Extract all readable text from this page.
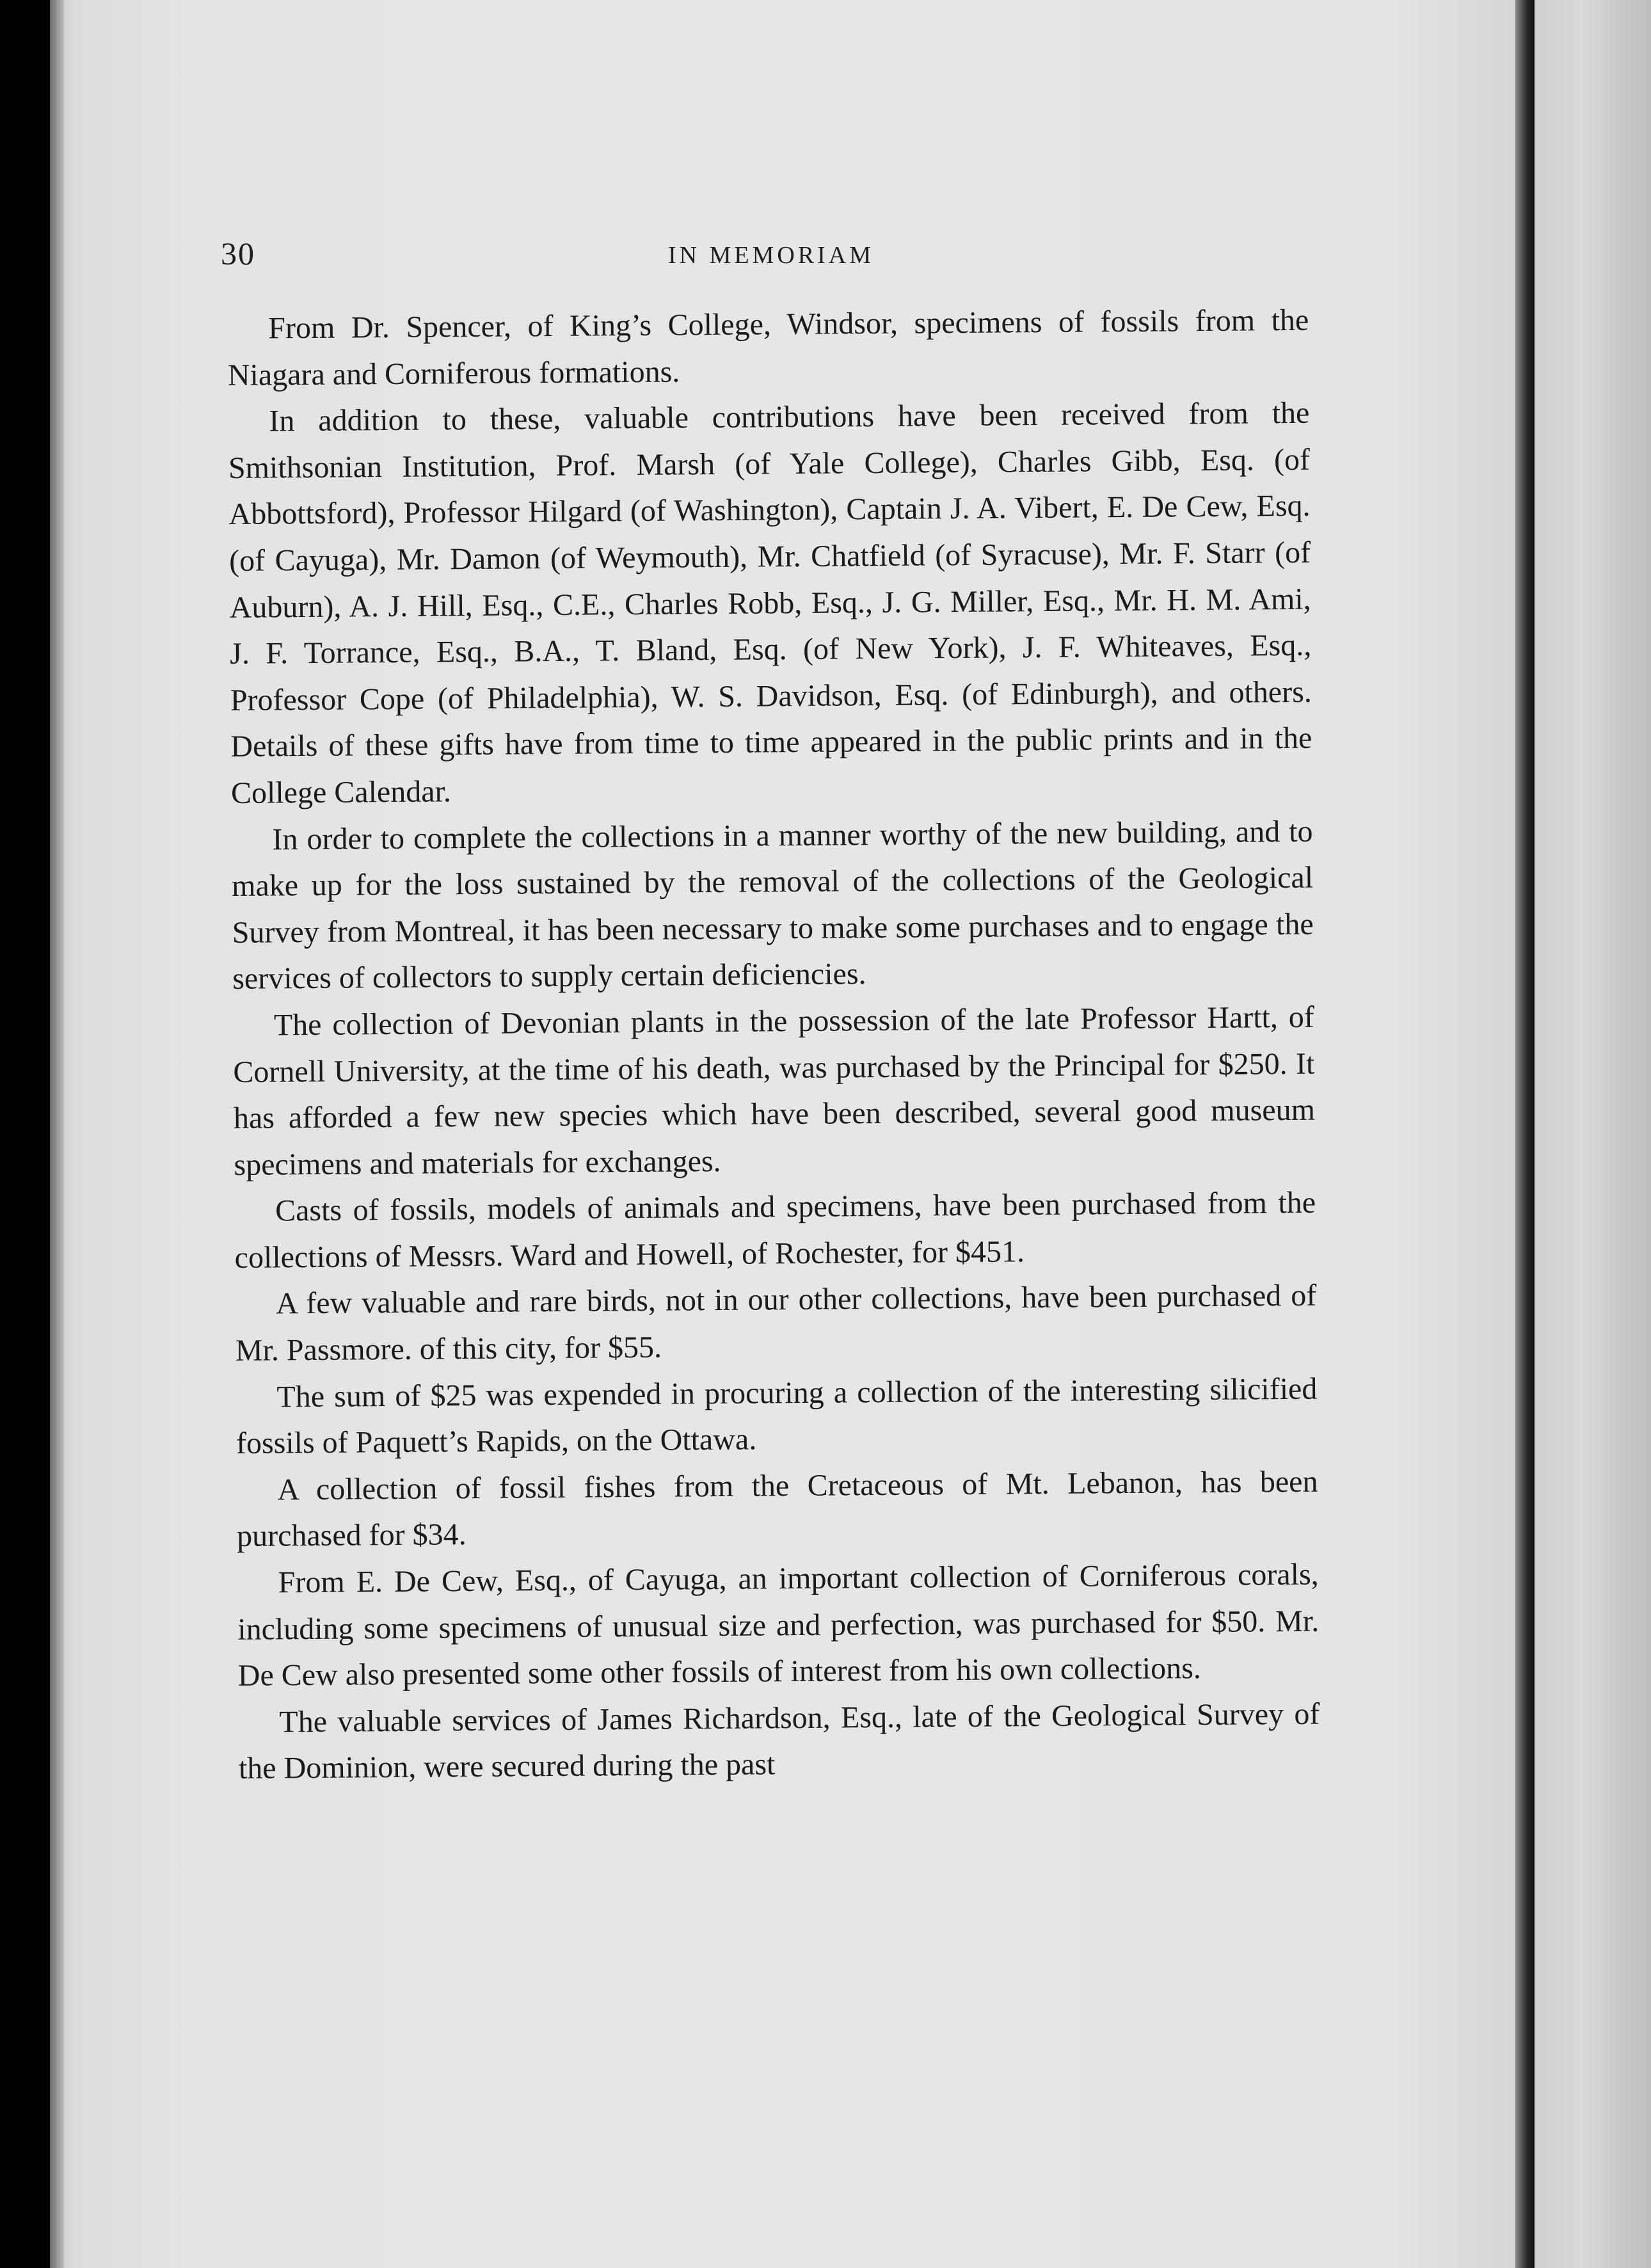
30	IN MEMORIAM

From Dr. Spencer, of King’s College, Windsor, specimens of fossils from the Niagara and Corniferous formations.

In addition to these, valuable contributions have been received from the Smithsonian Institution, Prof. Marsh (of Yale College), Charles Gibb, Esq. (of Abbottsford), Professor Hilgard (of Washington), Captain J. A. Vibert, E. De Cew, Esq. (of Cayuga), Mr. Damon (of Weymouth), Mr. Chatfield (of Syracuse), Mr. F. Starr (of Auburn), A. J. Hill, Esq., C.E., Charles Robb, Esq., J. G. Miller, Esq., Mr. H. M. Ami, J. F. Torrance, Esq., B.A., T. Bland, Esq. (of New York), J. F. Whiteaves, Esq., Professor Cope (of Philadelphia), W. S. Davidson, Esq. (of Edinburgh), and others. Details of these gifts have from time to time appeared in the public prints and in the College Calendar.

In order to complete the collections in a manner worthy of the new building, and to make up for the loss sustained by the removal of the collections of the Geological Survey from Montreal, it has been necessary to make some purchases and to engage the services of collectors to supply certain deficiencies.

The collection of Devonian plants in the possession of the late Professor Hartt, of Cornell University, at the time of his death, was purchased by the Principal for $250. It has afforded a few new species which have been described, several good museum specimens and materials for exchanges.

Casts of fossils, models of animals and specimens, have been purchased from the collections of Messrs. Ward and Howell, of Rochester, for $451.

A few valuable and rare birds, not in our other collections, have been purchased of Mr. Passmore. of this city, for $55.

The sum of $25 was expended in procuring a collection of the interesting silicified fossils of Paquett’s Rapids, on the Ottawa.

A collection of fossil fishes from the Cretaceous of Mt. Lebanon, has been purchased for $34.

From E. De Cew, Esq., of Cayuga, an important collection of Corniferous corals, including some specimens of unusual size and perfection, was purchased for $50. Mr. De Cew also presented some other fossils of interest from his own collections.

The valuable services of James Richardson, Esq., late of the Geological Survey of the Dominion, were secured during the past
